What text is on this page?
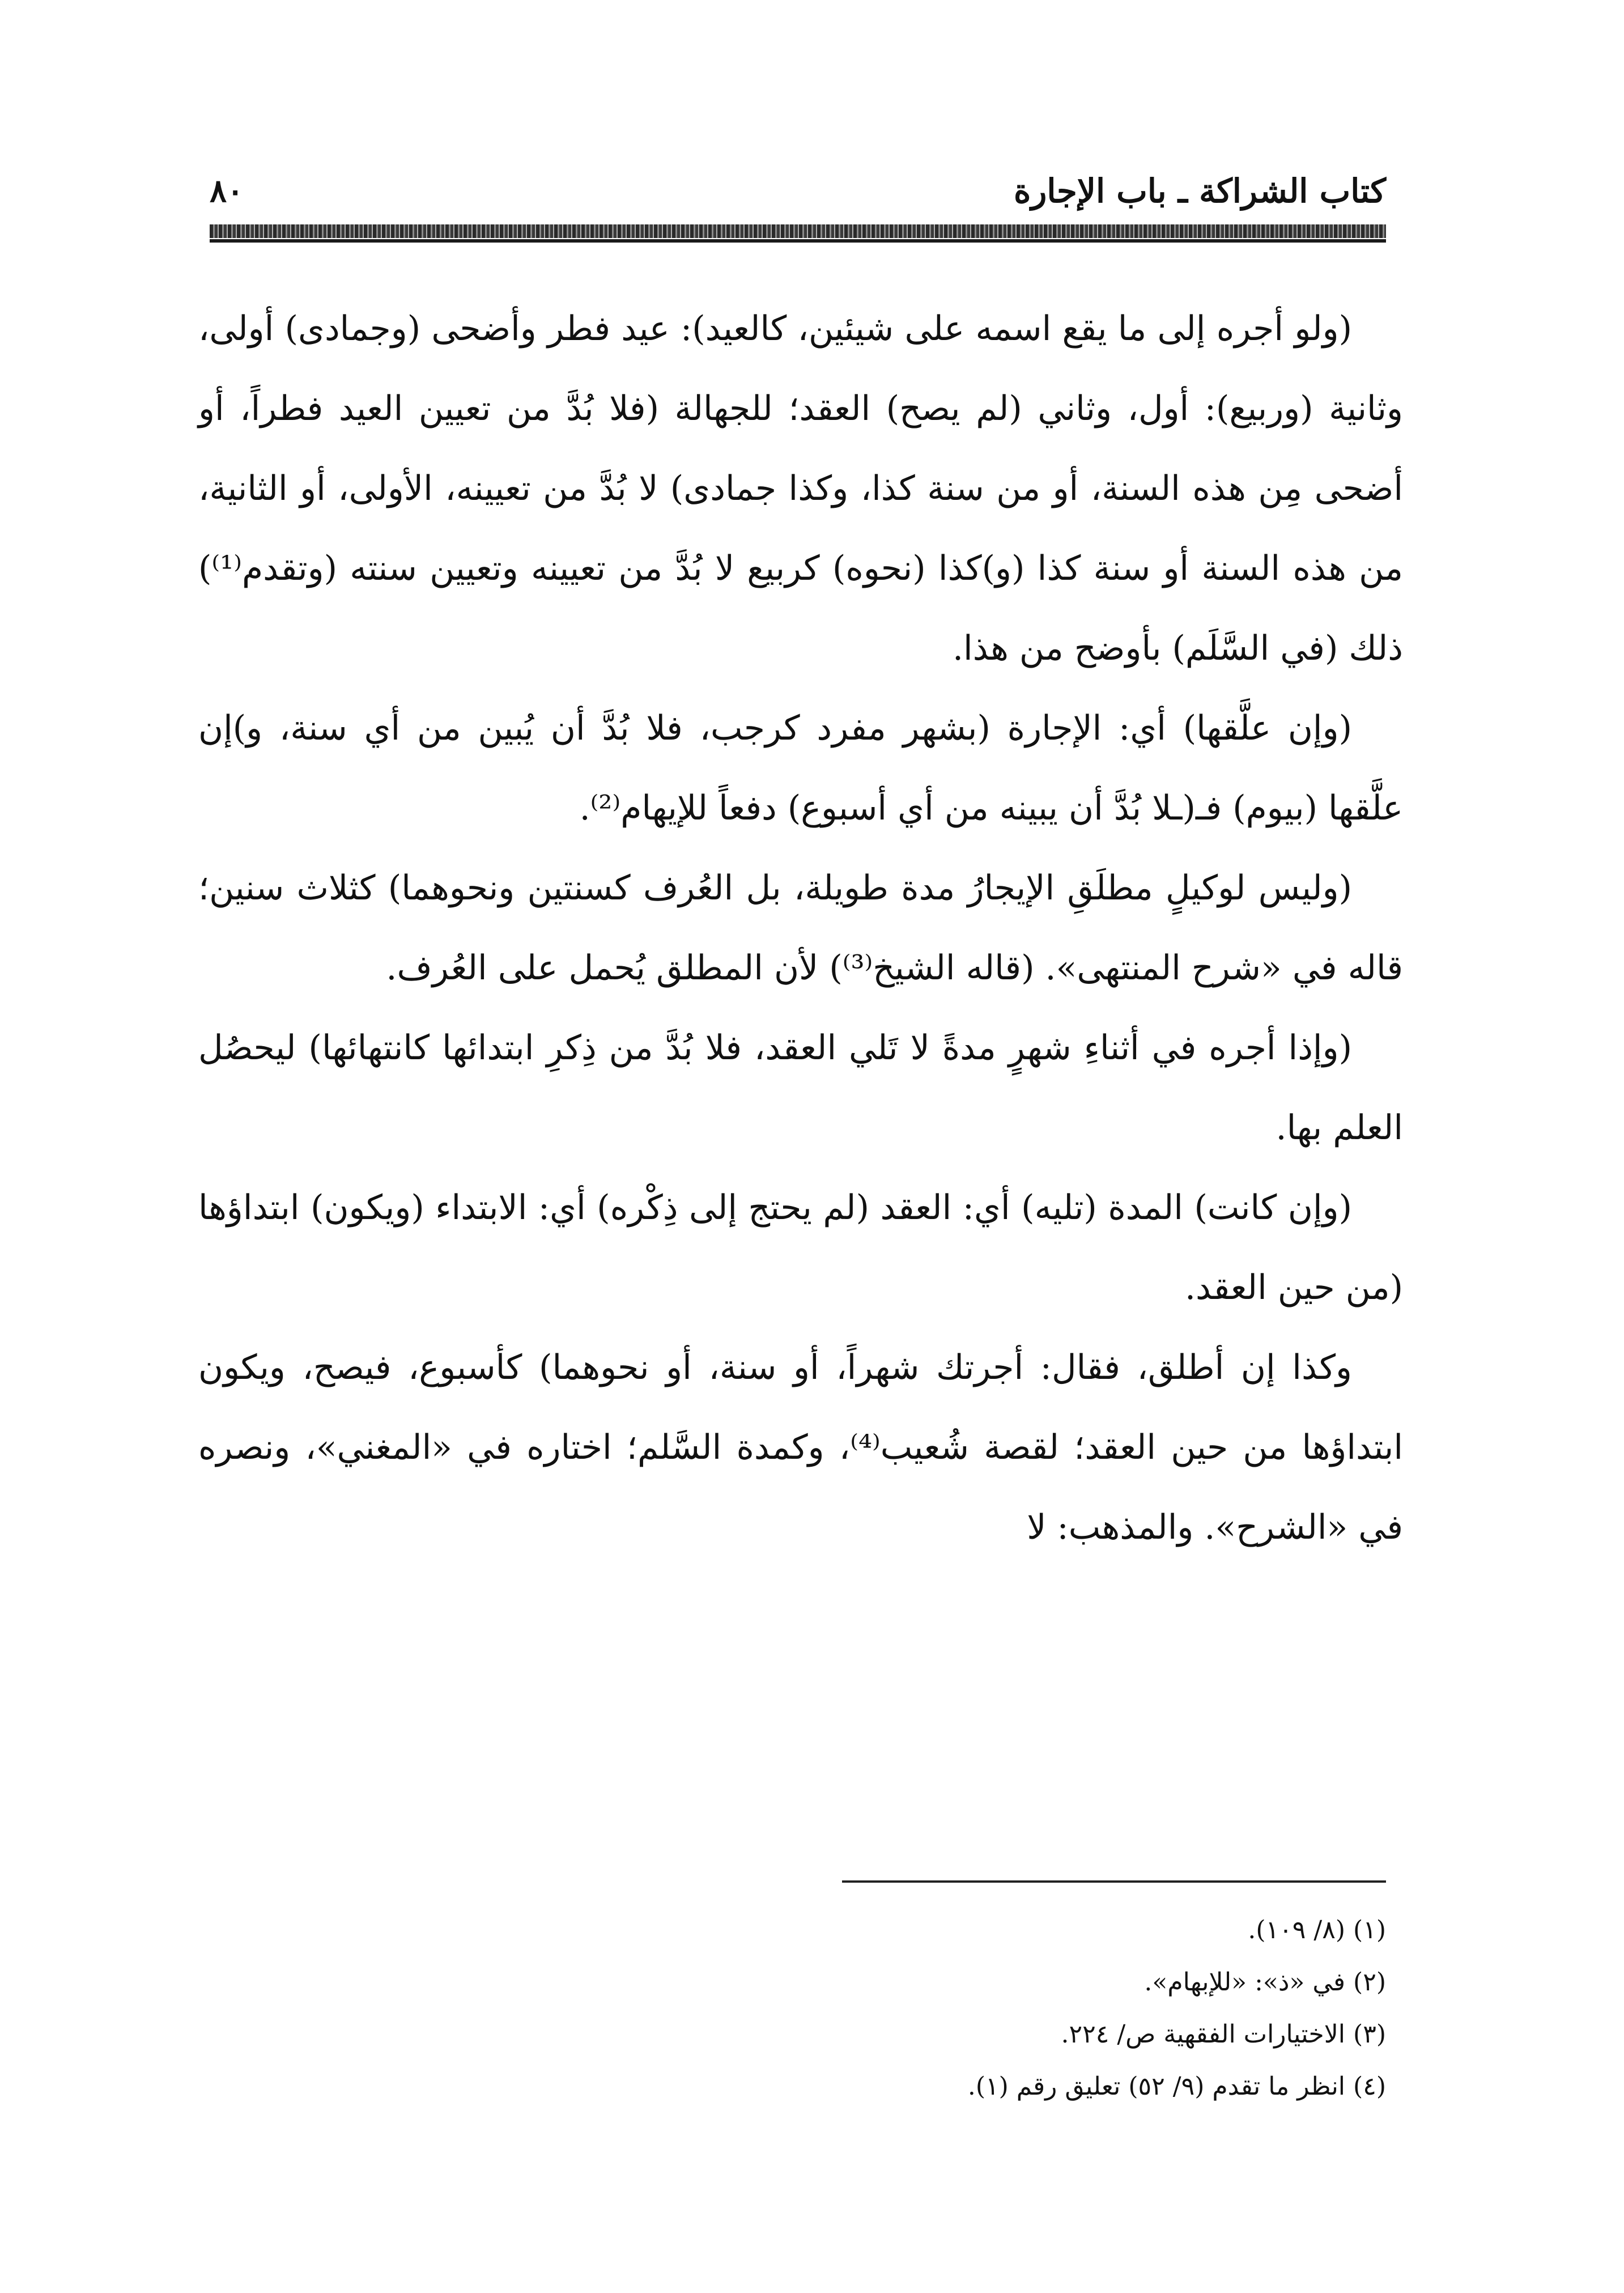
٨٠	كتاب الشراكة ـ باب الإجارة

(ولو أجره إلى ما يقع اسمه على شيئين، كالعيد): عيد فطر وأضحى (وجمادى) أولى، وثانية (وربيع): أول، وثاني (لم يصح) العقد؛ للجهالة (فلا بُدَّ من تعيين العيد فطراً، أو أضحى مِن هذه السنة، أو من سنة كذا، وكذا جمادى) لا بُدَّ من تعيينه، الأولى، أو الثانية، من هذه السنة أو سنة كذا (و)كذا (نحوه) كربيع لا بُدَّ من تعيينه وتعيين سنته (وتقدم⁽¹⁾) ذلك (في السَّلَم) بأوضح من هذا.

(وإن علَّقها) أي: الإجارة (بشهر مفرد كرجب، فلا بُدَّ أن يُبين من أي سنة، و)إن علَّقها (بيوم) فـ(ـلا بُدَّ أن يبينه من أي أسبوع) دفعاً للإيهام⁽²⁾.

(وليس لوكيلٍ مطلَقِ الإيجارُ مدة طويلة، بل العُرف كسنتين ونحوهما) كثلاث سنين؛ قاله في «شرح المنتهى». (قاله الشيخ⁽³⁾) لأن المطلق يُحمل على العُرف.

(وإذا أجره في أثناءِ شهرٍ مدةً لا تَلي العقد، فلا بُدَّ من ذِكرِ ابتدائها كانتهائها) ليحصُل العلم بها.

(وإن كانت) المدة (تليه) أي: العقد (لم يحتج إلى ذِكْره) أي: الابتداء (ويكون) ابتداؤها (من حين العقد.

وكذا إن أطلق، فقال: أجرتك شهراً، أو سنة، أو نحوهما) كأسبوع، فيصح، ويكون ابتداؤها من حين العقد؛ لقصة شُعيب⁽⁴⁾، وكمدة السَّلم؛ اختاره في «المغني»، ونصره في «الشرح». والمذهب: لا

(١) (٨/ ١٠٩).
(٢) في «ذ»: «للإبهام».
(٣) الاختيارات الفقهية ص/ ٢٢٤.
(٤) انظر ما تقدم (٩/ ٥٢) تعليق رقم (١).
